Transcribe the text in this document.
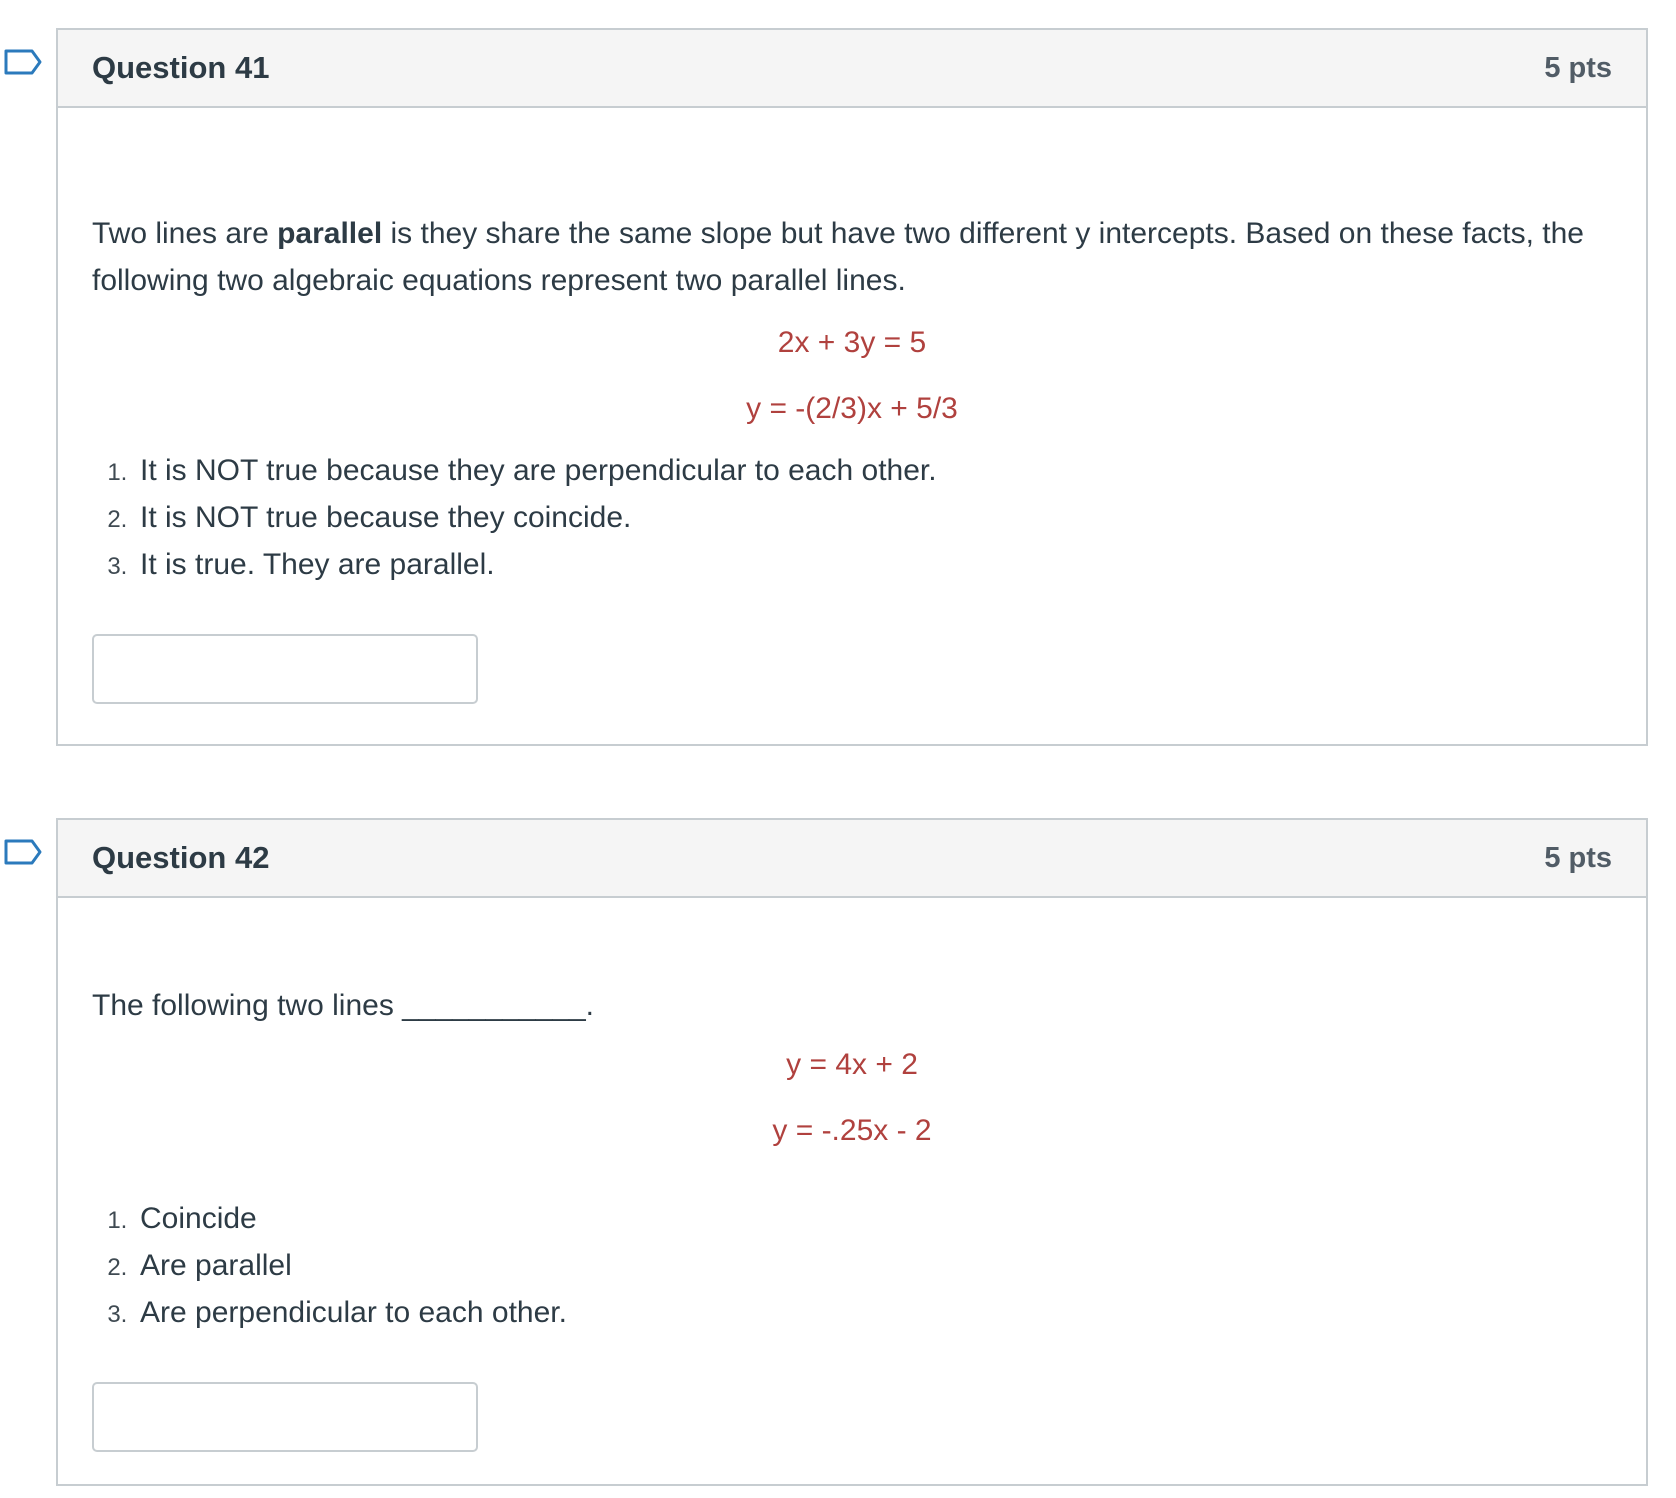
Question 41	5 pts

Two lines are parallel is they share the same slope but have two different y intercepts. Based on these facts, the following two algebraic equations represent two parallel lines.

2x + 3y = 5

y = -(2/3)x + 5/3

1. It is NOT true because they are perpendicular to each other.
2. It is NOT true because they coincide.
3. It is true. They are parallel.
Question 42	5 pts

The following two lines ___________.

y = 4x + 2

y = -.25x - 2

1. Coincide
2. Are parallel
3. Are perpendicular to each other.
